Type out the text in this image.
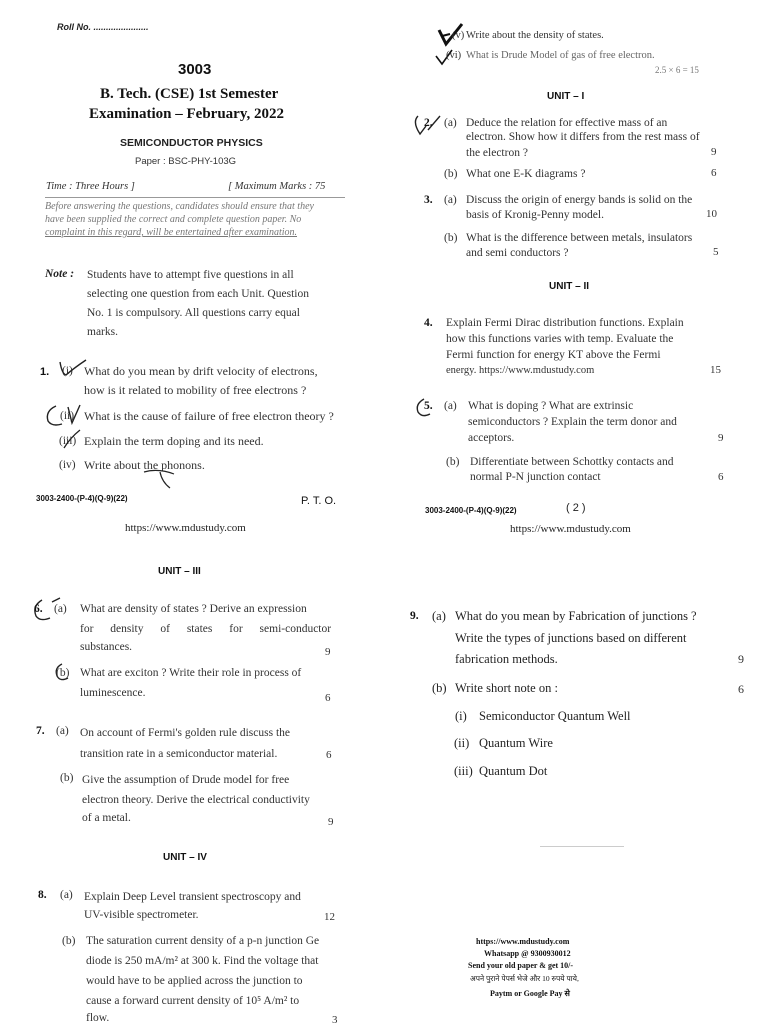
Roll No. ......................
3003
B. Tech. (CSE) 1st Semester
Examination – February, 2022
SEMICONDUCTOR PHYSICS
Paper : BSC-PHY-103G
Time : Three Hours ]	[ Maximum Marks : 75
Before answering the questions, candidates should ensure that they
have been supplied the correct and complete question paper. No
complaint in this regard, will be entertained after examination.
Note : Students have to attempt five questions in all
selecting one question from each Unit. Question
No. 1 is compulsory. All questions carry equal
marks.
1. (i) What do you mean by drift velocity of electrons,
how is it related to mobility of free electrons ?
(ii) What is the cause of failure of free electron theory ?
(iii) Explain the term doping and its need.
(iv) Write about the phonons.
3003-2400-(P-4)(Q-9)(22)	P. T. O.
https://www.mdustudy.com
(v) Write about the density of states.
(vi) What is Drude Model of gas of free electron.
2.5 × 6 = 15
UNIT – I
2. (a) Deduce the relation for effective mass of an
electron. Show how it differs from the rest mass of
the electron ?	9
(b) What one E-K diagrams ?	6
3. (a) Discuss the origin of energy bands is solid on the
basis of Kronig-Penny model.	10
(b) What is the difference between metals, insulators
and semi conductors ?	5
UNIT – II
4. Explain Fermi Dirac distribution functions. Explain
how this functions varies with temp. Evaluate the
Fermi function for energy KT above the Fermi
energy. https://www.mdustudy.com	15
5. (a) What is doping ? What are extrinsic
semiconductors ? Explain the term donor and
acceptors.	9
(b) Differentiate between Schottky contacts and
normal P-N junction contact	6
3003-2400-(P-4)(Q-9)(22)	( 2 )
https://www.mdustudy.com
UNIT – III
6. (a) What are density of states ? Derive an expression
for density of states for semi-conductor
substances.	9
(b) What are exciton ? Write their role in process of
luminescence.	6
7. (a) On account of Fermi's golden rule discuss the
transition rate in a semiconductor material.	6
(b) Give the assumption of Drude model for free
electron theory. Derive the electrical conductivity
of a metal.	9
UNIT – IV
8. (a) Explain Deep Level transient spectroscopy and
UV-visible spectrometer.	12
(b) The saturation current density of a p-n junction Ge
diode is 250 mA/m² at 300 k. Find the voltage that
would have to be applied across the junction to
cause a forward current density of 10⁵ A/m² to
flow.	3
9. (a) What do you mean by Fabrication of junctions ?
Write the types of junctions based on different
fabrication methods.	9
(b) Write short note on :	6
(i) Semiconductor Quantum Well
(ii) Quantum Wire
(iii) Quantum Dot
https://www.mdustudy.com
Whatsapp @ 9300930012
Send your old paper & get 10/-
अपने पुराने पेपर्स भेजे और 10 रुपये पाये,
Paytm or Google Pay से
